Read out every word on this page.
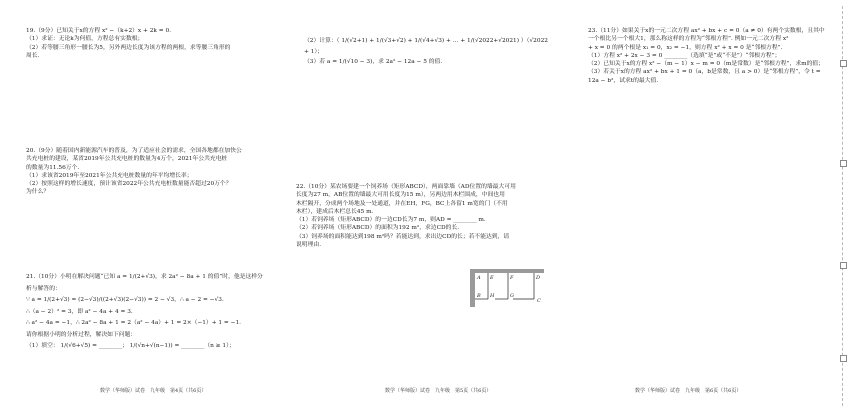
19.（9分）已知关于x的方程 x² −（k+2）x + 2k = 0.
（1）求证：无论k为何值，方程总有实数根；
（2）若等腰三角形一腰长为5，另外两边长度为该方程的两根，求等腰三角形的
周长.
20.（9分）随着国内新能源汽车的普及，为了适应社会的需求，全国各地都在加快公
共充电桩的建设，某省2019年公共充电桩的数量为4万个，2021年公共充电桩
的数量为11.56万个.
（1）求该省2019年至2021年公共充电桩数量的年平均增长率；
（2）按照这样的增长速度，预计该省2022年公共充电桩数量能否超过20万个？
为什么？
21.（10分）小明在解决问题“已知 a = 1/(2+√3)，求 2a² − 8a + 1 的值”时，他是这样分
析与解答的：
∵ a = 1/(2+√3) = (2−√3)/((2+√3)(2−√3)) = 2 − √3，∴ a − 2 = −√3.
∴（a − 2）² = 3，即 a² − 4a + 4 = 3.
∴ a² − 4a = −1，∴ 2a² − 8a + 1 = 2（a² − 4a）+ 1 = 2×（−1）+ 1 = −1.
请你根据小明的分析过程，解决如下问题：
（1）填空： 1/(√6+√5) = ________； 1/(√n+√(n−1)) = ________（n ≥ 1）；
数学（华师版）试卷　九年级　第4页（共6页）
（2）计算：（ 1/(√2+1) + 1/(√3+√2) + 1/(√4+√3) + … + 1/(√2022+√2021) ）（√2022
+ 1）；
（3）若 a = 1/(√10 − 3)，求 2a² − 12a − 5 的值.
22.（10分）某农场要建一个饲养场（矩形ABCD），两面靠墙（AD位置的墙最大可用
长度为27 m，AB位置的墙最大可用长度为15 m），另两边用木栏围成，中间也用
木栏隔开，分成两个场地及一处通道，并在EH，FG，BC上各留1 m宽的门（不用
木栏），建成后木栏总长45 m.
（1）若饲养场（矩形ABCD）的一边CD长为7 m，则AD = ________ m.
（2）若饲养场（矩形ABCD）的面积为192 m²，求边CD的长.
（3）饲养场的面积能达到198 m²吗？若能达到，求出边CD的长；若不能达到，请
说明理由.
A E	F	D
B H	G
C
数学（华师版）试卷　九年级　第5页（共6页）
23.（11分）如果关于x的一元二次方程 ax² + bx + c = 0（a ≠ 0）有两个实数根，且其中
一个根比另一个根大1，那么称这样的方程为“邻根方程”. 例如一元二次方程 x²
+ x = 0 的两个根是 x₁ = 0，x₂ = −1，则方程 x² + x = 0 是“邻根方程”.
（1）方程 x² + 2x − 3 = 0 ________（选填“是”或“不是”）“邻根方程”；
（2）已知关于x的方程 x² −（m − 1）x − m = 0（m是常数）是“邻根方程”，求m的值；
（3）若关于x的方程 ax² + bx + 1 = 0（a，b是常数，且 a > 0）是“邻根方程”，令 t =
12a − b²，试求t的最大值.
数学（华师版）试卷　九年级　第6页（共6页）
